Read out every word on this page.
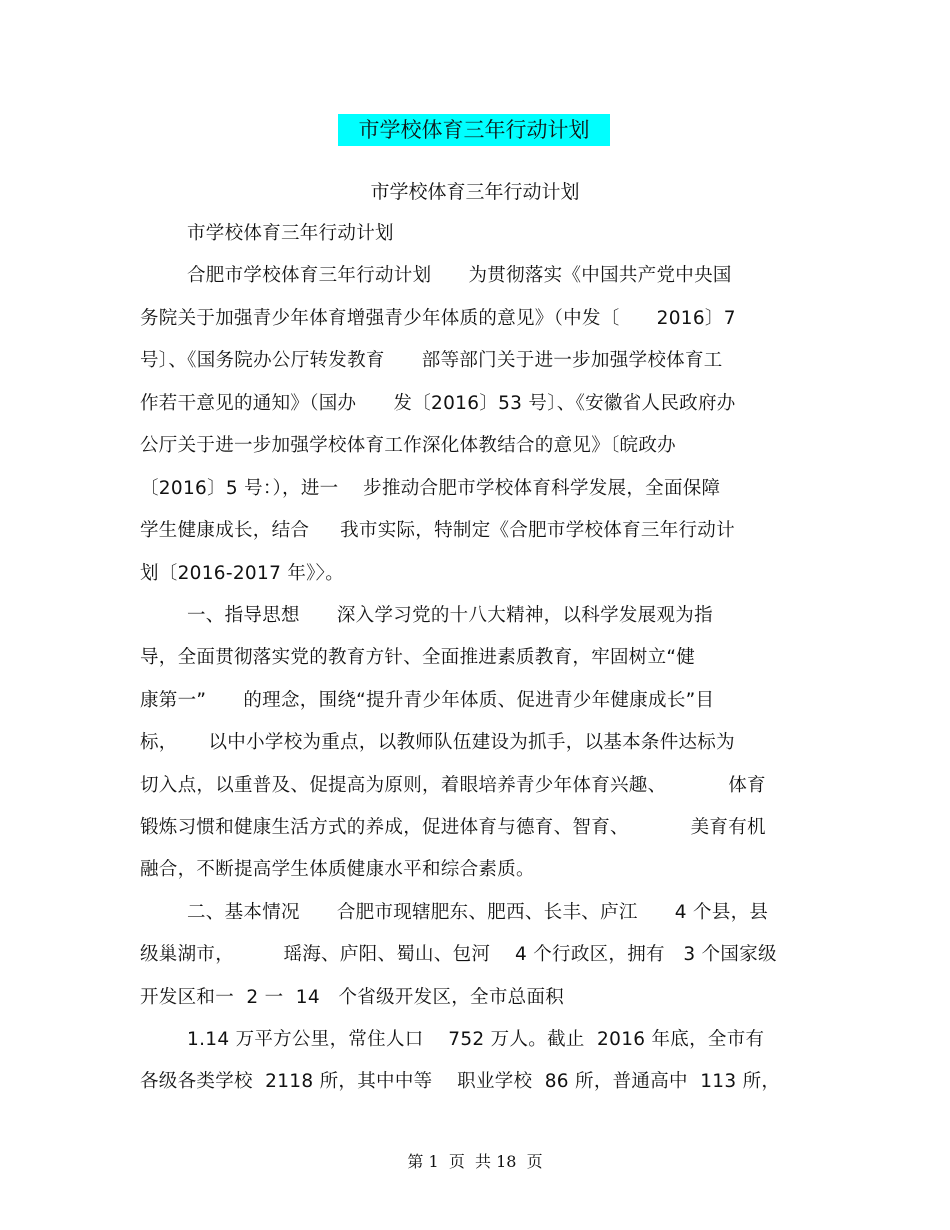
市学校体育三年行动计划
市学校体育三年行动计划
市学校体育三年行动计划
合肥市学校体育三年行动计划      为贯彻落实《中国共产党中央国
务院关于加强青少年体育增强青少年体质的意见》（中发〔      2016〕7
号〕、《国务院办公厅转发教育      部等部门关于进一步加强学校体育工
作若干意见的通知》（国办      发〔2016〕53 号〕、《安徽省人民政府办
公厅关于进一步加强学校体育工作深化体教结合的意见》〔皖政办
〔2016〕5 号：），进一    步推动合肥市学校体育科学发展，全面保障
学生健康成长，结合     我市实际，特制定《合肥市学校体育三年行动计
划〔2016-2017 年》〉。
一、指导思想      深入学习党的十八大精神，以科学发展观为指
导，全面贯彻落实党的教育方针、全面推进素质教育，牢固树立“健
康第一”      的理念，围绕“提升青少年体质、促进青少年健康成长”目
标，     以中小学校为重点，以教师队伍建设为抓手，以基本条件达标为
切入点，以重普及、促提高为原则，着眼培养青少年体育兴趣、          体育
锻炼习惯和健康生活方式的养成，促进体育与德育、智育、          美育有机
融合，不断提高学生体质健康水平和综合素质。
二、基本情况      合肥市现辖肥东、肥西、长丰、庐江      4 个县，县
级巢湖市，        瑶海、庐阳、蜀山、包河    4 个行政区，拥有   3 个国家级
开发区和一  2 一  14   个省级开发区，全市总面积
1.14 万平方公里，常住人口    752 万人。截止  2016 年底，全市有
各级各类学校  2118 所，其中中等    职业学校  86 所，普通高中  113 所，
第 1  页  共 18  页
